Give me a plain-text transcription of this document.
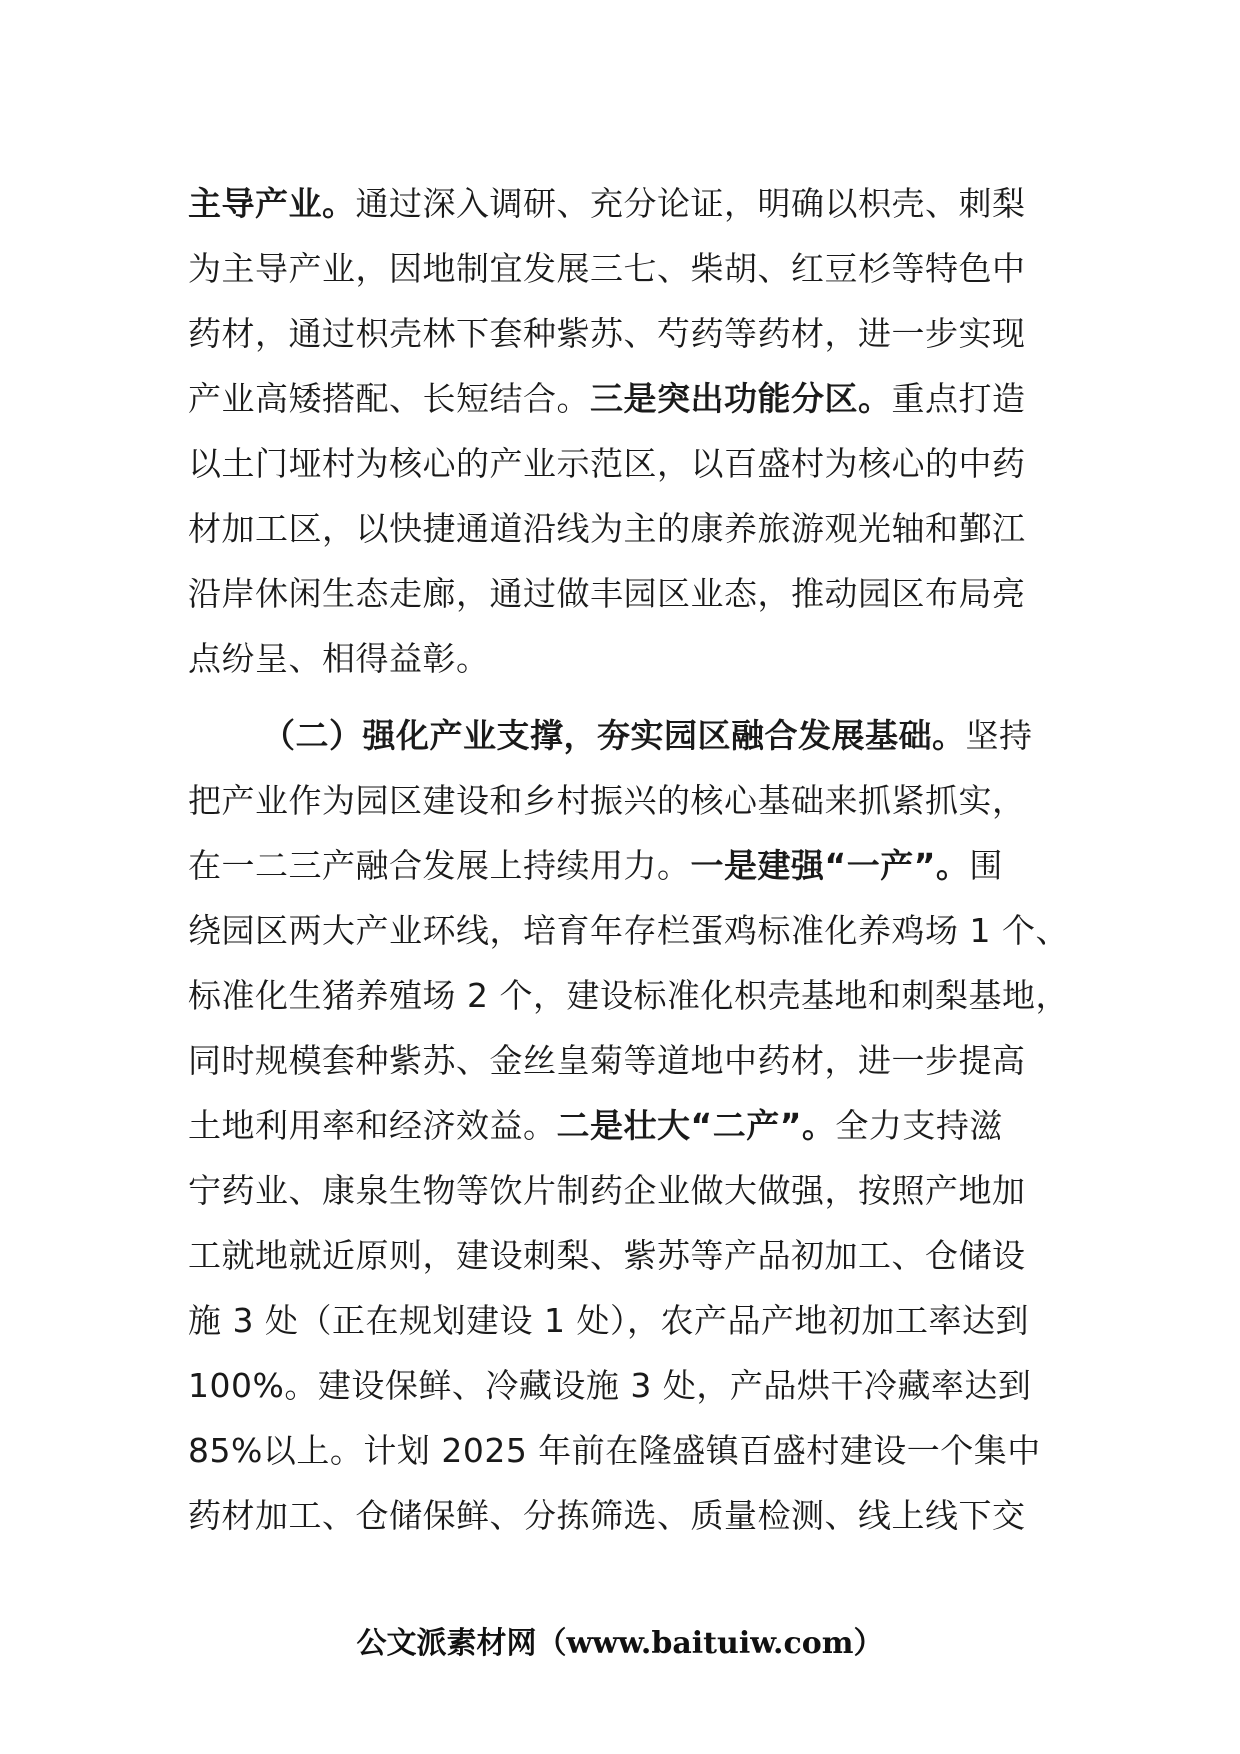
主导产业。通过深入调研、充分论证，明确以枳壳、刺梨
为主导产业，因地制宜发展三七、柴胡、红豆杉等特色中
药材，通过枳壳林下套种紫苏、芍药等药材，进一步实现
产业高矮搭配、长短结合。三是突出功能分区。重点打造
以土门垭村为核心的产业示范区，以百盛村为核心的中药
材加工区，以快捷通道沿线为主的康养旅游观光轴和鄞江
沿岸休闲生态走廊，通过做丰园区业态，推动园区布局亮
点纷呈、相得益彰。
（二）强化产业支撑，夯实园区融合发展基础。坚持
把产业作为园区建设和乡村振兴的核心基础来抓紧抓实，
在一二三产融合发展上持续用力。一是建强“一产”。围
绕园区两大产业环线，培育年存栏蛋鸡标准化养鸡场 1 个、
标准化生猪养殖场 2 个，建设标准化枳壳基地和刺梨基地，
同时规模套种紫苏、金丝皇菊等道地中药材，进一步提高
土地利用率和经济效益。二是壮大“二产”。全力支持滋
宁药业、康泉生物等饮片制药企业做大做强，按照产地加
工就地就近原则，建设刺梨、紫苏等产品初加工、仓储设
施 3 处（正在规划建设 1 处），农产品产地初加工率达到
100%。建设保鲜、冷藏设施 3 处，产品烘干冷藏率达到
85%以上。计划 2025 年前在隆盛镇百盛村建设一个集中
药材加工、仓储保鲜、分拣筛选、质量检测、线上线下交
公文派素材网（www.baituiw.com）
